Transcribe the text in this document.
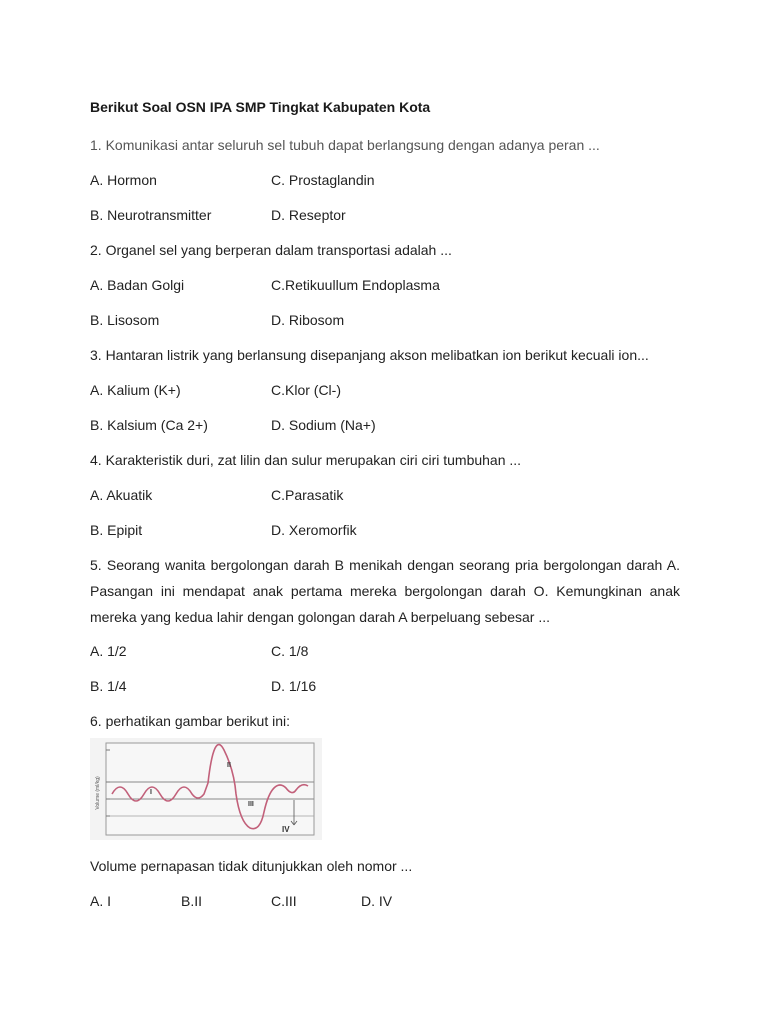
Berikut Soal OSN IPA SMP Tingkat Kabupaten Kota
1. Komunikasi antar seluruh sel tubuh dapat berlangsung dengan adanya peran ...
A. Hormon	C. Prostaglandin
B. Neurotransmitter	D. Reseptor
2. Organel sel yang berperan dalam transportasi adalah ...
A. Badan Golgi	C.Retikuullum Endoplasma
B. Lisosom	D. Ribosom
3. Hantaran listrik yang berlansung disepanjang akson melibatkan ion berikut kecuali ion...
A. Kalium (K+)	C.Klor (Cl-)
B. Kalsium (Ca 2+)	D. Sodium (Na+)
4. Karakteristik duri, zat lilin dan sulur merupakan ciri ciri tumbuhan ...
A. Akuatik	C.Parasatik
B. Epipit	D. Xeromorfik
5. Seorang wanita bergolongan darah B menikah dengan seorang pria bergolongan darah A. Pasangan ini mendapat anak pertama mereka bergolongan darah O. Kemungkinan anak mereka yang kedua lahir dengan golongan darah A berpeluang sebesar ...
A. 1/2	C. 1/8
B. 1/4	D. 1/16
6. perhatikan gambar berikut ini:
Volume (ml/kg)	I
II
III
IV
Volume pernapasan tidak ditunjukkan oleh nomor ...
A. I	B.II	C.III	D. IV
